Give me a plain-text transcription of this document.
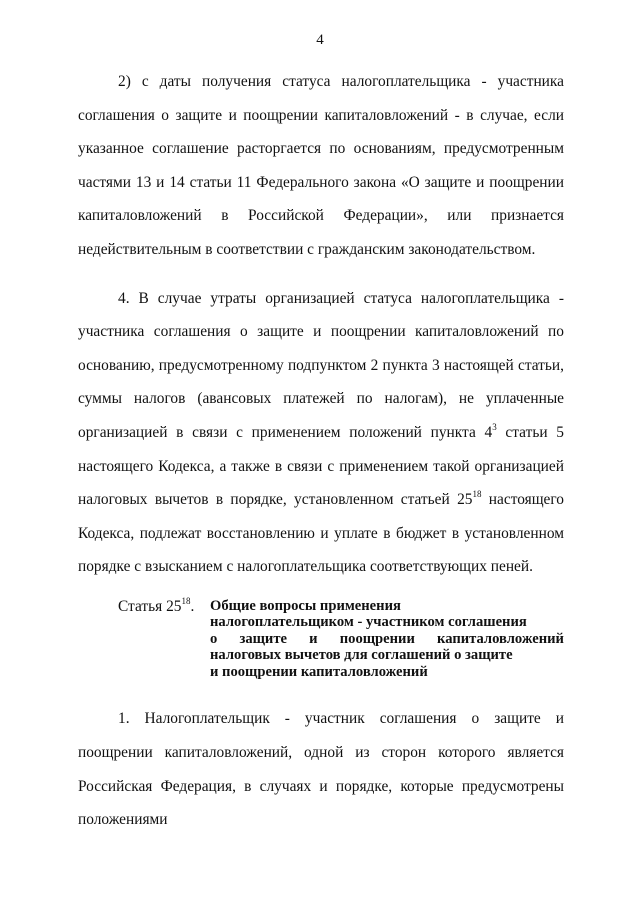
4

2) с даты получения статуса налогоплательщика - участника соглашения о защите и поощрении капиталовложений - в случае, если указанное соглашение расторгается по основаниям, предусмотренным частями 13 и 14 статьи 11 Федерального закона «О защите и поощрении капиталовложений в Российской Федерации», или признается недействительным в соответствии с гражданским законодательством.

4. В случае утраты организацией статуса налогоплательщика - участника соглашения о защите и поощрении капиталовложений по основанию, предусмотренному подпунктом 2 пункта 3 настоящей статьи, суммы налогов (авансовых платежей по налогам), не уплаченные организацией в связи с применением положений пункта $4^3$ статьи 5 настоящего Кодекса, а также в связи с применением такой организацией налоговых вычетов в порядке, установленном статьей $25^{18}$ настоящего Кодекса, подлежат восстановлению и уплате в бюджет в установленном порядке с взысканием с налогоплательщика соответствующих пеней.

Статья $25^{18}$.	Общие вопросы применения
налогоплательщиком - участником соглашения
о защите и поощрении капиталовложений
налоговых вычетов для соглашений о защите
и поощрении капиталовложений

1. Налогоплательщик - участник соглашения о защите и поощрении капиталовложений, одной из сторон которого является Российская Федерация, в случаях и порядке, которые предусмотрены положениями
